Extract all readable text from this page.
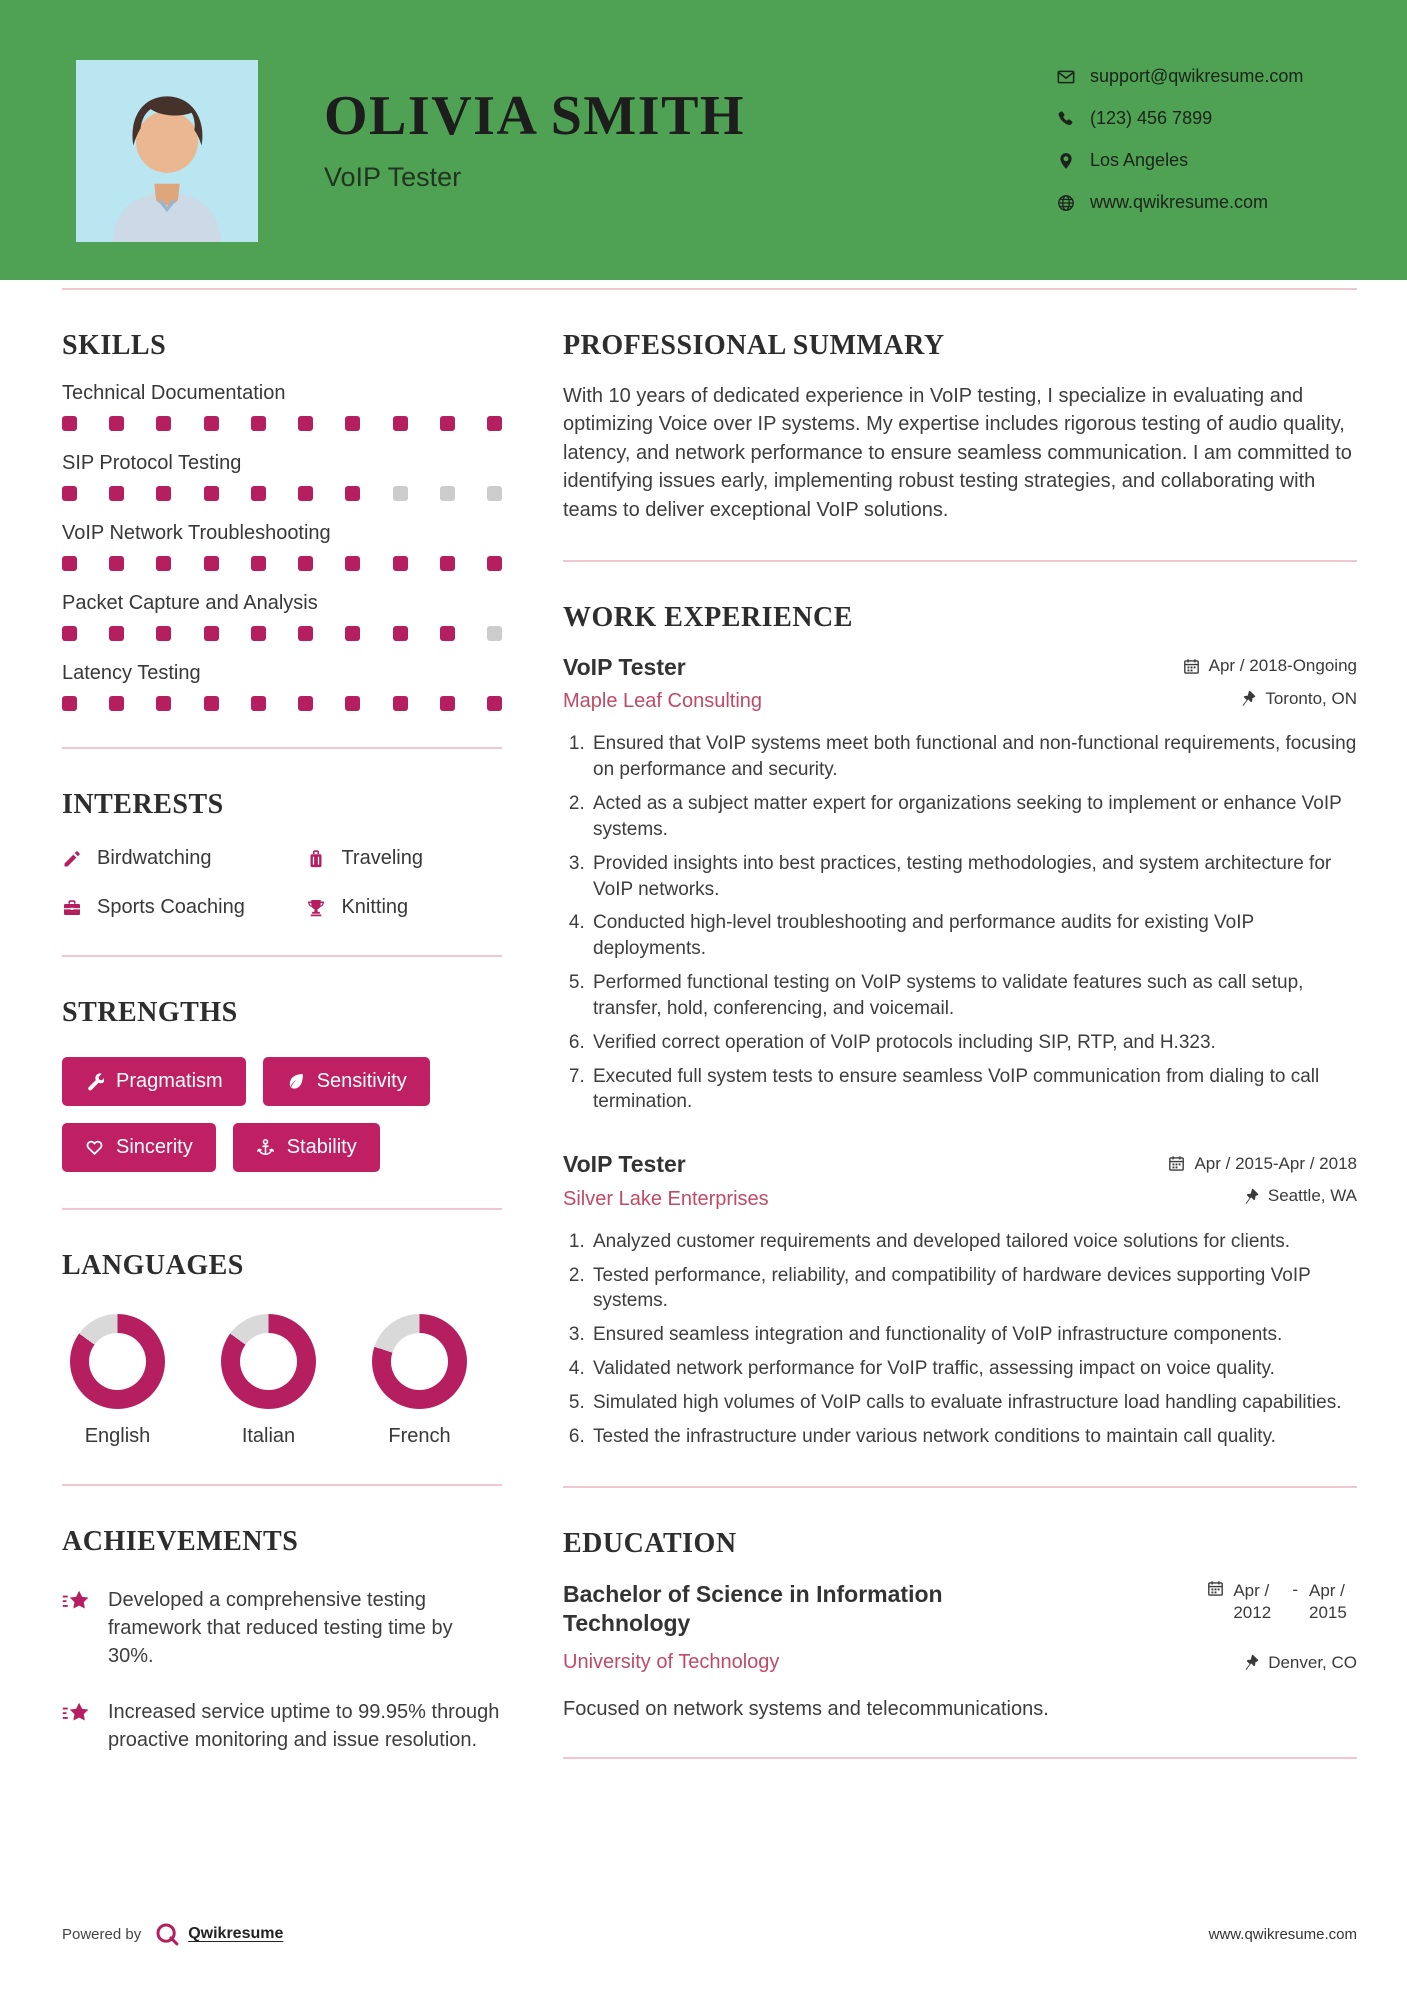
OLIVIA SMITH
VoIP Tester
support@qwikresume.com
(123) 456 7899
Los Angeles
www.qwikresume.com
SKILLS
Technical Documentation
SIP Protocol Testing
VoIP Network Troubleshooting
Packet Capture and Analysis
Latency Testing
INTERESTS
Birdwatching	Traveling
Sports Coaching	Knitting
STRENGTHS
Pragmatism	Sensitivity
Sincerity	Stability
LANGUAGES
English	Italian	French
ACHIEVEMENTS
Developed a comprehensive testing framework that reduced testing time by 30%.
Increased service uptime to 99.95% through proactive monitoring and issue resolution.
PROFESSIONAL SUMMARY

With 10 years of dedicated experience in VoIP testing, I specialize in evaluating and optimizing Voice over IP systems. My expertise includes rigorous testing of audio quality, latency, and network performance to ensure seamless communication. I am committed to identifying issues early, implementing robust testing strategies, and collaborating with teams to deliver exceptional VoIP solutions.

WORK EXPERIENCE
VoIP Tester	Apr / 2018-Ongoing
Maple Leaf Consulting	Toronto, ON
1. Ensured that VoIP systems meet both functional and non-functional requirements, focusing on performance and security.
2. Acted as a subject matter expert for organizations seeking to implement or enhance VoIP systems.
3. Provided insights into best practices, testing methodologies, and system architecture for VoIP networks.
4. Conducted high-level troubleshooting and performance audits for existing VoIP deployments.
5. Performed functional testing on VoIP systems to validate features such as call setup, transfer, hold, conferencing, and voicemail.
6. Verified correct operation of VoIP protocols including SIP, RTP, and H.323.
7. Executed full system tests to ensure seamless VoIP communication from dialing to call termination.
VoIP Tester	Apr / 2015-Apr / 2018
Silver Lake Enterprises	Seattle, WA
1. Analyzed customer requirements and developed tailored voice solutions for clients.
2. Tested performance, reliability, and compatibility of hardware devices supporting VoIP systems.
3. Ensured seamless integration and functionality of VoIP infrastructure components.
4. Validated network performance for VoIP traffic, assessing impact on voice quality.
5. Simulated high volumes of VoIP calls to evaluate infrastructure load handling capabilities.
6. Tested the infrastructure under various network conditions to maintain call quality.
EDUCATION
Bachelor of Science in Information Technology
Apr / 2012
- Apr / 2015
University of Technology	Denver, CO

Focused on network systems and telecommunications.

Powered by	Qwikresume	www.qwikresume.com
